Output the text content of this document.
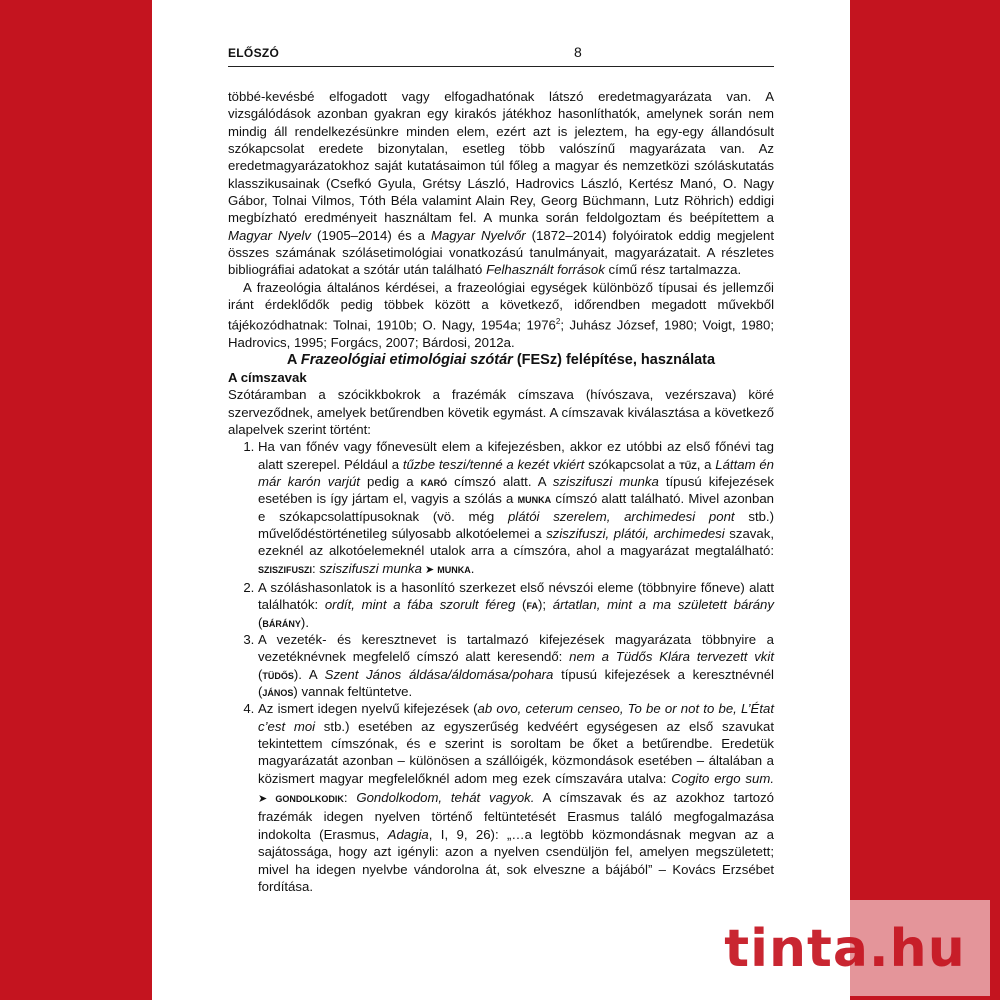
ELŐSZÓ	8

többé-kevésbé elfogadott vagy elfogadhatónak látszó eredetmagyarázata van. A vizsgálódások azonban gyakran egy kirakós játékhoz hasonlíthatók, amelynek során nem mindig áll rendelkezésünkre minden elem, ezért azt is jeleztem, ha egy-egy állandósult szókapcsolat eredete bizonytalan, esetleg több valószínű magyarázata van. Az eredetmagyarázatokhoz saját kutatásaimon túl főleg a magyar és nemzetközi szóláskutatás klasszikusainak (Csefkó Gyula, Grétsy László, Hadrovics László, Kertész Manó, O. Nagy Gábor, Tolnai Vilmos, Tóth Béla valamint Alain Rey, Georg Büchmann, Lutz Röhrich) eddigi megbízható eredményeit használtam fel. A munka során feldolgoztam és beépítettem a Magyar Nyelv (1905–2014) és a Magyar Nyelvőr (1872–2014) folyóiratok eddig megjelent összes számának szólásetimológiai vonatkozású tanulmányait, magyarázatait. A részletes bibliográfiai adatokat a szótár után található Felhasznált források című rész tartalmazza.

A frazeológia általános kérdései, a frazeológiai egységek különböző típusai és jellemzői iránt érdeklődők pedig többek között a következő, időrendben megadott művekből tájékozódhatnak: Tolnai, 1910b; O. Nagy, 1954a; 1976$^2$; Juhász József, 1980; Voigt, 1980; Hadrovics, 1995; Forgács, 2007; Bárdosi, 2012a.

A Frazeológiai etimológiai szótár (FESz) felépítése, használata

A címszavak

Szótáramban a szócikkbokrok a frazémák címszava (hívószava, vezérszava) köré szerveződnek, amelyek betűrendben követik egymást. A címszavak kiválasztása a következő alapelvek szerint történt:

1. Ha van főnév vagy főnevesült elem a kifejezésben, akkor ez utóbbi az első főnévi tag alatt szerepel. Például a tűzbe teszi/tenné a kezét vkiért szókapcsolat a tűz, a Láttam én már karón varjút pedig a karó címszó alatt. A sziszifuszi munka típusú kifejezések esetében is így jártam el, vagyis a szólás a munka címszó alatt található. Mivel azonban e szókapcsolattípusoknak (vö. még plátói szerelem, archimedesi pont stb.) művelődéstörténetileg súlyosabb alkotóelemei a sziszifuszi, plátói, archimedesi szavak, ezeknél az alkotóelemeknél utalok arra a címszóra, ahol a magyarázat megtalálható: sziszifuszi: sziszifuszi munka ➤ munka.
2. A szóláshasonlatok is a hasonlító szerkezet első névszói eleme (többnyire főneve) alatt találhatók: ordít, mint a fába szorult féreg (fa); ártatlan, mint a ma született bárány (bárány).
3. A vezeték- és keresztnevet is tartalmazó kifejezések magyarázata többnyire a vezetéknévnek megfelelő címszó alatt keresendő: nem a Tüdős Klára tervezett vkit (tüdős). A Szent János áldása/áldomása/pohara típusú kifejezések a keresztnévnél (jános) vannak feltüntetve.
4. Az ismert idegen nyelvű kifejezések (ab ovo, ceterum censeo, To be or not to be, L’État c’est moi stb.) esetében az egyszerűség kedvéért egységesen az első szavukat tekintettem címszónak, és e szerint is soroltam be őket a betűrendbe. Eredetük magyarázatát azonban – különösen a szállóigék, közmondások esetében – általában a közismert magyar megfelelőknél adom meg ezek címszavára utalva: Cogito ergo sum. ➤ gondolkodik: Gondolkodom, tehát vagyok. A címszavak és az azokhoz tartozó frazémák idegen nyelven történő feltüntetését Erasmus találó megfogalmazása indokolta (Erasmus, Adagia, I, 9, 26): „…a legtöbb közmondásnak megvan az a sajátossága, hogy azt igényli: azon a nyelven csendüljön fel, amelyen megszületett; mivel ha idegen nyelvbe vándorolna át, sok elveszne a bájából” – Kovács Erzsébet fordítása.
tinta.hu
